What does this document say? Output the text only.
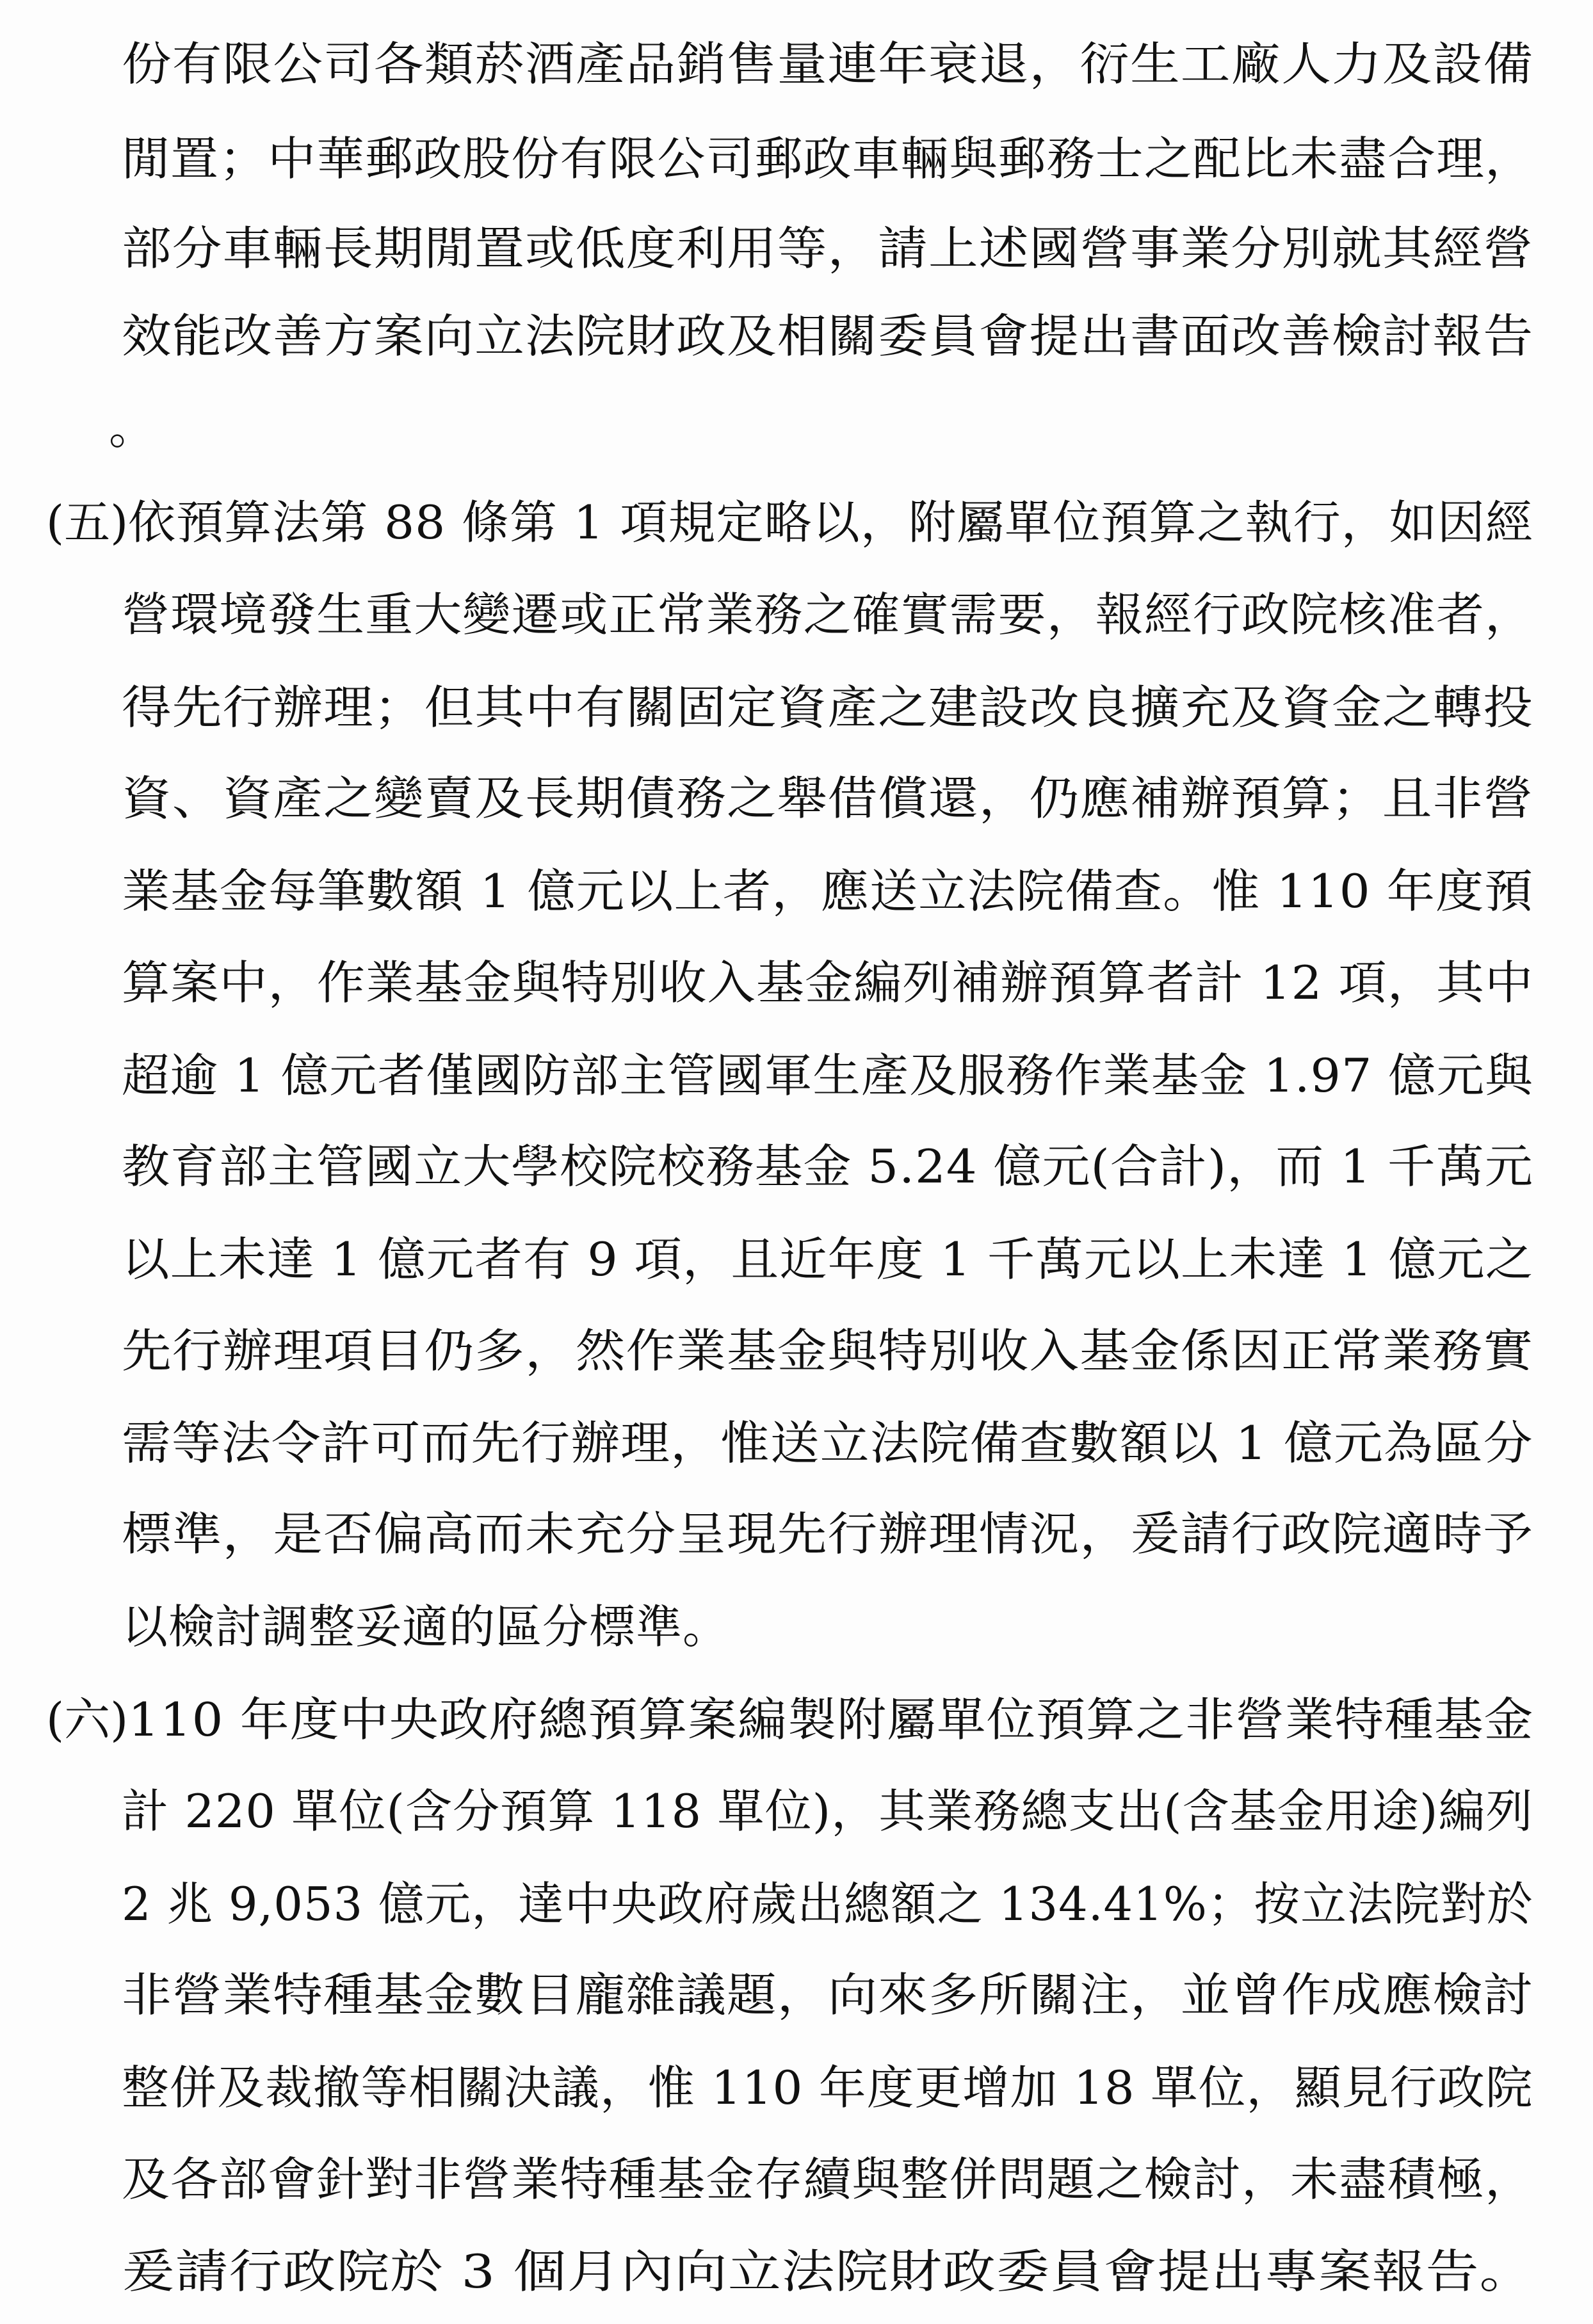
份有限公司各類菸酒產品銷售量連年衰退，衍生工廠人力及設備
閒置；中華郵政股份有限公司郵政車輛與郵務士之配比未盡合理，
部分車輛長期閒置或低度利用等，請上述國營事業分別就其經營
效能改善方案向立法院財政及相關委員會提出書面改善檢討報告
。
(五) 依預算法第 88 條第 1 項規定略以，附屬單位預算之執行，如因經
營環境發生重大變遷或正常業務之確實需要，報經行政院核准者，
得先行辦理；但其中有關固定資產之建設改良擴充及資金之轉投
資、資產之變賣及長期債務之舉借償還，仍應補辦預算；且非營
業基金每筆數額 1 億元以上者，應送立法院備查。惟 110 年度預
算案中，作業基金與特別收入基金編列補辦預算者計 12 項，其中
超逾 1 億元者僅國防部主管國軍生產及服務作業基金 1.97 億元與
教育部主管國立大學校院校務基金 5.24 億元(合計)，而 1 千萬元
以上未達 1 億元者有 9 項，且近年度 1 千萬元以上未達 1 億元之
先行辦理項目仍多，然作業基金與特別收入基金係因正常業務實
需等法令許可而先行辦理，惟送立法院備查數額以 1 億元為區分
標準，是否偏高而未充分呈現先行辦理情況，爰請行政院適時予
以檢討調整妥適的區分標準。
(六) 110 年度中央政府總預算案編製附屬單位預算之非營業特種基金
計 220 單位(含分預算 118 單位)，其業務總支出(含基金用途)編列
2 兆 9,053 億元，達中央政府歲出總額之 134.41%；按立法院對於
非營業特種基金數目龐雜議題，向來多所關注，並曾作成應檢討
整併及裁撤等相關決議，惟 110 年度更增加 18 單位，顯見行政院
及各部會針對非營業特種基金存續與整併問題之檢討，未盡積極，
爰請行政院於 3 個月內向立法院財政委員會提出專案報告。
